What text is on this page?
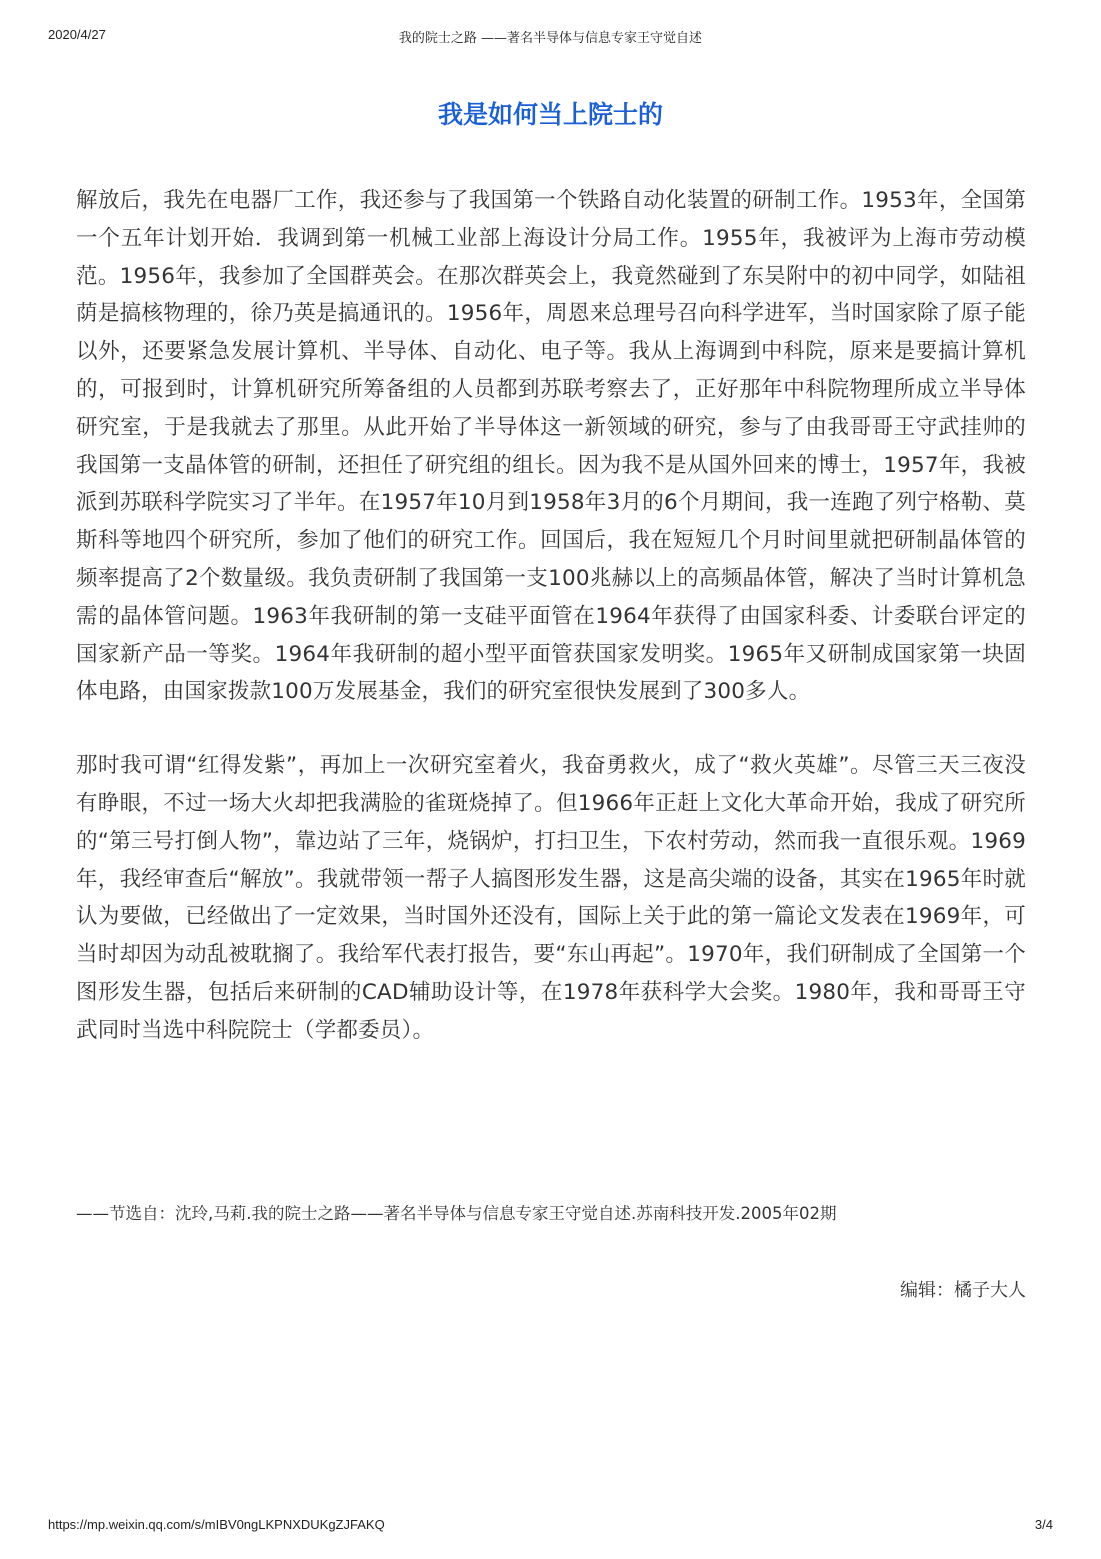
2020/4/27	我的院士之路 ——著名半导体与信息专家王守觉自述
我是如何当上院士的

解放后，我先在电器厂工作，我还参与了我国第一个铁路自动化装置的研制工作。1953年，全国第一个五年计划开始．我调到第一机械工业部上海设计分局工作。1955年，我被评为上海市劳动模范。1956年，我参加了全国群英会。在那次群英会上，我竟然碰到了东吴附中的初中同学，如陆祖荫是搞核物理的，徐乃英是搞通讯的。1956年，周恩来总理号召向科学进军，当时国家除了原子能以外，还要紧急发展计算机、半导体、自动化、电子等。我从上海调到中科院，原来是要搞计算机的，可报到时，计算机研究所筹备组的人员都到苏联考察去了，正好那年中科院物理所成立半导体研究室，于是我就去了那里。从此开始了半导体这一新领域的研究，参与了由我哥哥王守武挂帅的我国第一支晶体管的研制，还担任了研究组的组长。因为我不是从国外回来的博士，1957年，我被派到苏联科学院实习了半年。在1957年10月到1958年3月的6个月期间，我一连跑了列宁格勒、莫斯科等地四个研究所，参加了他们的研究工作。回国后，我在短短几个月时间里就把研制晶体管的频率提高了2个数量级。我负责研制了我国第一支100兆赫以上的高频晶体管，解决了当时计算机急需的晶体管问题。1963年我研制的第一支硅平面管在1964年获得了由国家科委、计委联台评定的国家新产品一等奖。1964年我研制的超小型平面管获国家发明奖。1965年又研制成国家第一块固体电路，由国家拨款100万发展基金，我们的研究室很快发展到了300多人。

那时我可谓“红得发紫”，再加上一次研究室着火，我奋勇救火，成了“救火英雄”。尽管三天三夜没有睁眼，不过一场大火却把我满脸的雀斑烧掉了。但1966年正赶上文化大革命开始，我成了研究所的“第三号打倒人物”，靠边站了三年，烧锅炉，打扫卫生，下农村劳动，然而我一直很乐观。1969年，我经审查后“解放”。我就带领一帮子人搞图形发生器，这是高尖端的设备，其实在1965年时就认为要做，已经做出了一定效果，当时国外还没有，国际上关于此的第一篇论文发表在1969年，可当时却因为动乱被耽搁了。我给军代表打报告，要“东山再起”。1970年，我们研制成了全国第一个图形发生器，包括后来研制的CAD辅助设计等，在1978年获科学大会奖。1980年，我和哥哥王守武同时当选中科院院士（学都委员）。

——节选自：沈玲,马莉.我的院士之路——著名半导体与信息专家王守觉自述.苏南科技开发.2005年02期
编辑：橘子大人
https://mp.weixin.qq.com/s/mIBV0ngLKPNXDUKgZJFAKQ	3/4
